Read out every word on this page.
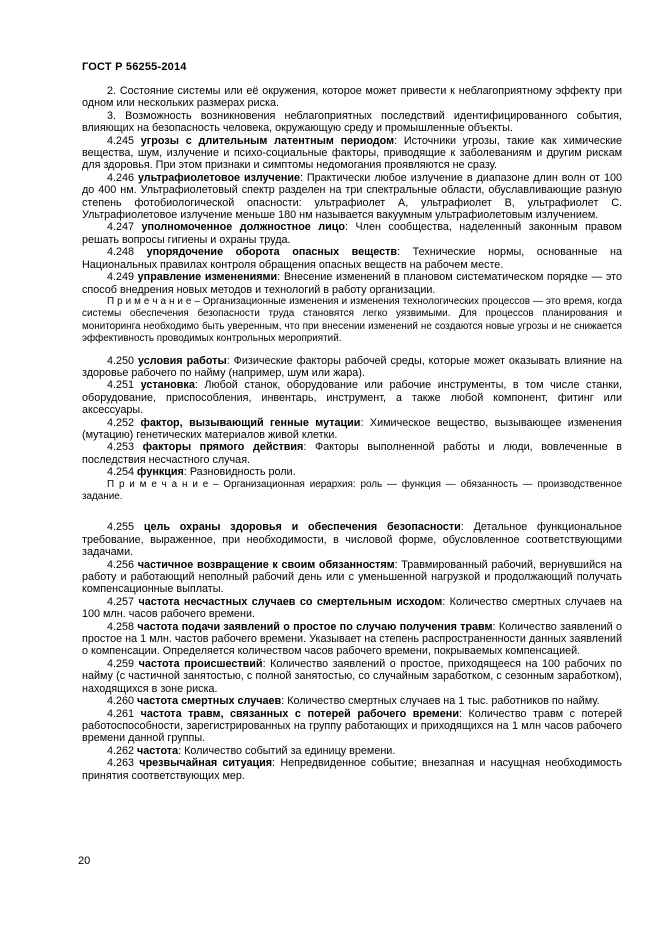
ГОСТ Р 56255-2014

2. Состояние системы или её окружения, которое может привести к неблагоприятному эффекту при одном или нескольких размерах риска.

3. Возможность возникновения неблагоприятных последствий идентифицированного события, влияющих на безопасность человека, окружающую среду и промышленные объекты.

4.245 угрозы с длительным латентным периодом: Источники угрозы, такие как химические вещества, шум, излучение и психо-социальные факторы, приводящие к заболеваниям и другим рискам для здоровья. При этом признаки и симптомы недомогания проявляются не сразу.

4.246 ультрафиолетовое излучение: Практически любое излучение в диапазоне длин волн от 100 до 400 нм. Ультрафиолетовый спектр разделен на три спектральные области, обуславливающие разную степень фотобиологической опасности: ультрафиолет А, ультрафиолет В, ультрафиолет С. Ультрафиолетовое излучение меньше 180 нм называется вакуумным ультрафиолетовым излучением.

4.247 уполномоченное должностное лицо: Член сообщества, наделенный законным правом решать вопросы гигиены и охраны труда.

4.248 упорядочение оборота опасных веществ: Технические нормы, основанные на Национальных правилах контроля обращения опасных веществ на рабочем месте.

4.249 управление изменениями: Внесение изменений в плановом систематическом порядке — это способ внедрения новых методов и технологий в работу организации.

П р и м е ч а н и е – Организационные изменения и изменения технологических процессов — это время, когда системы обеспечения безопасности труда становятся легко уязвимыми. Для процессов планирования и мониторинга необходимо быть уверенным, что при внесении изменений не создаются новые угрозы и не снижается эффективность проводимых контрольных мероприятий.

4.250 условия работы: Физические факторы рабочей среды, которые может оказывать влияние на здоровье рабочего по найму (например, шум или жара).

4.251 установка: Любой станок, оборудование или рабочие инструменты, в том числе станки, оборудование, приспособления, инвентарь, инструмент, а также любой компонент, фитинг или аксессуары.

4.252 фактор, вызывающий генные мутации: Химическое вещество, вызывающее изменения (мутацию) генетических материалов живой клетки.

4.253 факторы прямого действия: Факторы выполненной работы и люди, вовлеченные в последствия несчастного случая.

4.254 функция: Разновидность роли.

П р и м е ч а н и е – Организационная иерархия: роль — функция — обязанность — производственное задание.

4.255 цель охраны здоровья и обеспечения безопасности: Детальное функциональное требование, выраженное, при необходимости, в числовой форме, обусловленное соответствующими задачами.

4.256 частичное возвращение к своим обязанностям: Травмированный рабочий, вернувшийся на работу и работающий неполный рабочий день или с уменьшенной нагрузкой и продолжающий получать компенсационные выплаты.

4.257 частота несчастных случаев со смертельным исходом: Количество смертных случаев на 100 млн. часов рабочего времени.

4.258 частота подачи заявлений о простое по случаю получения травм: Количество заявлений о простое на 1 млн. частов рабочего времени. Указывает на степень распространенности данных заявлений о компенсации. Определяется количеством часов рабочего времени, покрываемых компенсацией.

4.259 частота происшествий: Количество заявлений о простое, приходящееся на 100 рабочих по найму (с частичной занятостью, с полной занятостью, со случайным заработком, с сезонным заработком), находящихся в зоне риска.

4.260 частота смертных случаев: Количество смертных случаев на 1 тыс. работников по найму.

4.261 частота травм, связанных с потерей рабочего времени: Количество травм с потерей работоспособности, зарегистрированных на группу работающих и приходящихся на 1 млн часов рабочего времени данной группы.

4.262 частота: Количество событий за единицу времени.

4.263 чрезвычайная ситуация: Непредвиденное событие; внезапная и насущная необходимость принятия соответствующих мер.

20
